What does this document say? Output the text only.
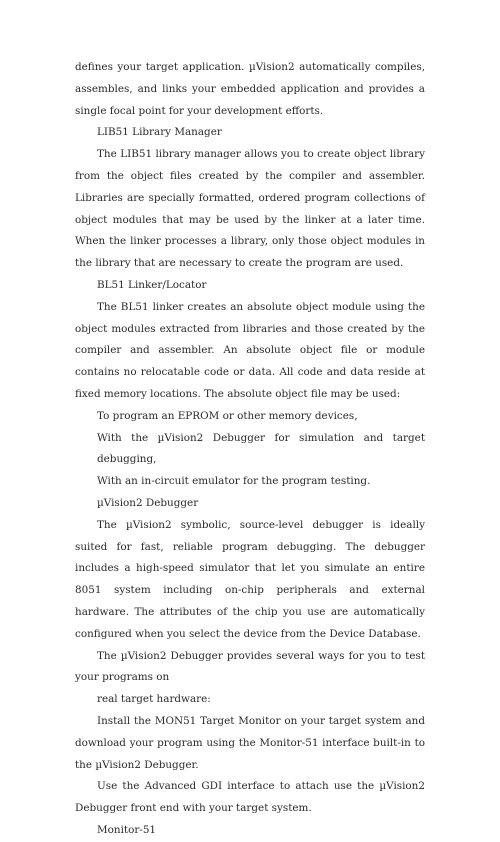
defines your target application. µVision2 automatically compiles, assembles, and links your embedded application and provides a single focal point for your development efforts.

LIB51 Library Manager

The LIB51 library manager allows you to create object library from the object files created by the compiler and assembler. Libraries are specially formatted, ordered program collections of object modules that may be used by the linker at a later time. When the linker processes a library, only those object modules in the library that are necessary to create the program are used.

BL51 Linker/Locator

The BL51 linker creates an absolute object module using the object modules extracted from libraries and those created by the compiler and assembler. An absolute object file or module contains no relocatable code or data. All code and data reside at fixed memory locations. The absolute object file may be used:

To program an EPROM or other memory devices,

With the µVision2 Debugger for simulation and target debugging,

With an in-circuit emulator for the program testing.

µVision2 Debugger

The µVision2 symbolic, source-level debugger is ideally suited for fast, reliable program debugging. The debugger includes a high-speed simulator that let you simulate an entire 8051 system including on-chip peripherals and external hardware. The attributes of the chip you use are automatically configured when you select the device from the Device Database.

The µVision2 Debugger provides several ways for you to test your programs on

real target hardware:

Install the MON51 Target Monitor on your target system and download your program using the Monitor-51 interface built-in to the µVision2 Debugger.

Use the Advanced GDI interface to attach use the µVision2 Debugger front end with your target system.

Monitor-51
